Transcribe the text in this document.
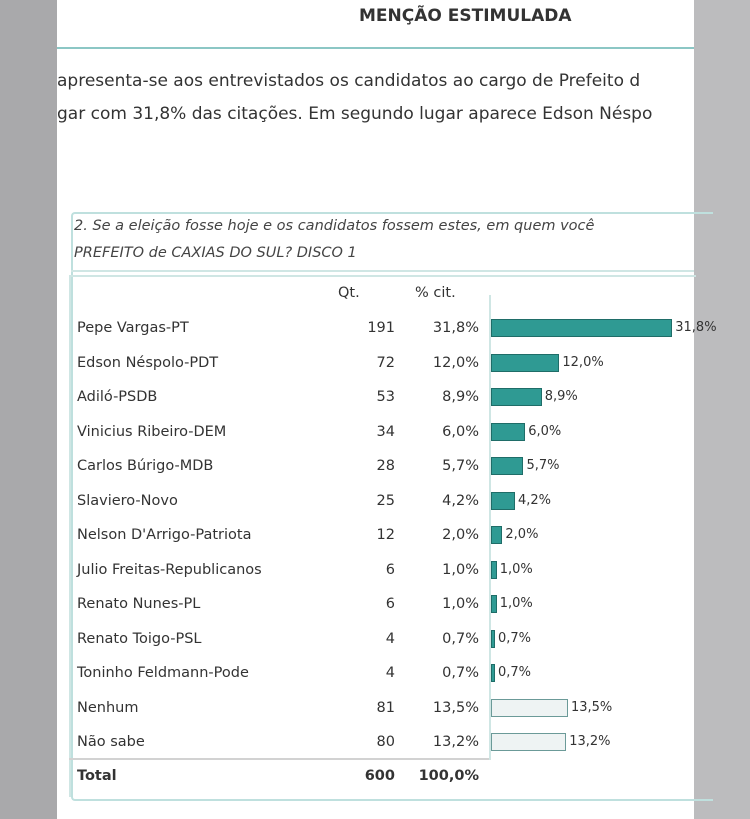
MENÇÃO ESTIMULADA
apresenta-se aos entrevistados os candidatos ao cargo de Prefeito d
gar com 31,8% das citações. Em segundo lugar aparece Edson Néspo
2. Se a eleição fosse hoje e os candidatos fossem estes, em quem você
PREFEITO de CAXIAS DO SUL? DISCO 1
Qt.	% cit.
Pepe Vargas-PT	191	31,8%	31,8%
Edson Néspolo-PDT	72	12,0%	12,0%
Adiló-PSDB	53	8,9%	8,9%
Vinicius Ribeiro-DEM	34	6,0%	6,0%
Carlos Búrigo-MDB	28	5,7%	5,7%
Slaviero-Novo	25	4,2%	4,2%
Nelson D'Arrigo-Patriota	12	2,0% 2,0%
Julio Freitas-Republicanos	6	1,0% 1,0%
Renato Nunes-PL	6	1,0% 1,0%
Renato Toigo-PSL	4	0,7% 0,7%
Toninho Feldmann-Pode	4	0,7% 0,7%
Nenhum	81	13,5%	13,5%
Não sabe	80	13,2%	13,2%
Total	600 100,0%
